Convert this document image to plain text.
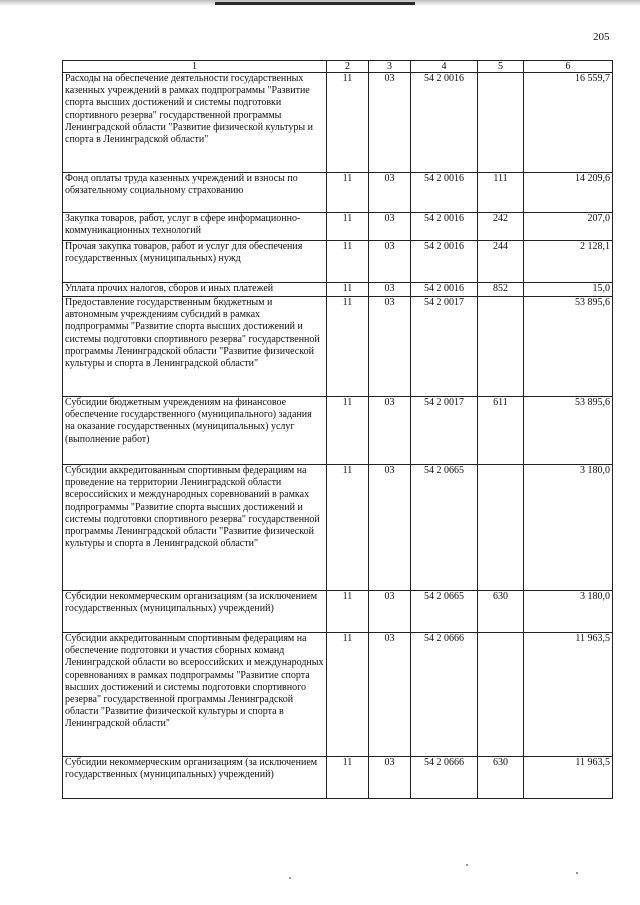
205
1	2	3	4	5	6
Расходы на обеспечение деятельности государственных казенных учреждений в рамках подпрограммы "Развитие спорта высших достижений и системы подготовки спортивного резерва" государственной программы Ленинградской области "Развитие физической культуры и спорта в Ленинградской области"	11	03	54 2 0016		16 559,7
Фонд оплаты труда казенных учреждений и взносы по обязательному социальному страхованию	11	03	54 2 0016	111	14 209,6
Закупка товаров, работ, услуг в сфере информационно-коммуникационных технологий	11	03	54 2 0016	242	207,0
Прочая закупка товаров, работ и услуг для обеспечения государственных (муниципальных) нужд	11	03	54 2 0016	244	2 128,1
Уплата прочих налогов, сборов и иных платежей	11	03	54 2 0016	852	15,0
Предоставление государственным бюджетным и автономным учреждениям субсидий в рамках подпрограммы "Развитие спорта высших достижений и системы подготовки спортивного резерва" государственной программы Ленинградской области "Развитие физической культуры и спорта в Ленинградской области"	11	03	54 2 0017		53 895,6
Субсидии бюджетным учреждениям на финансовое обеспечение государственного (муниципального) задания на оказание государственных (муниципальных) услуг (выполнение работ)	11	03	54 2 0017	611	53 895,6
Субсидии аккредитованным спортивным федерациям на проведение на территории Ленинградской области всероссийских и международных соревнований в рамках подпрограммы "Развитие спорта высших достижений и системы подготовки спортивного резерва" государственной программы Ленинградской области "Развитие физической культуры и спорта в Ленинградской области"	11	03	54 2 0665		3 180,0
Субсидии некоммерческим организациям (за исключением государственных (муниципальных) учреждений)	11	03	54 2 0665	630	3 180,0
Субсидии аккредитованным спортивным федерациям на обеспечение подготовки и участия сборных команд Ленинградской области во всероссийских и международных соревнованиях в рамках подпрограммы "Развитие спорта высших достижений и системы подготовки спортивного резерва" государственной программы Ленинградской области "Развитие физической культуры и спорта в Ленинградской области"	11	03	54 2 0666		11 963,5
Субсидии некоммерческим организациям (за исключением государственных (муниципальных) учреждений)	11	03	54 2 0666	630	11 963,5
